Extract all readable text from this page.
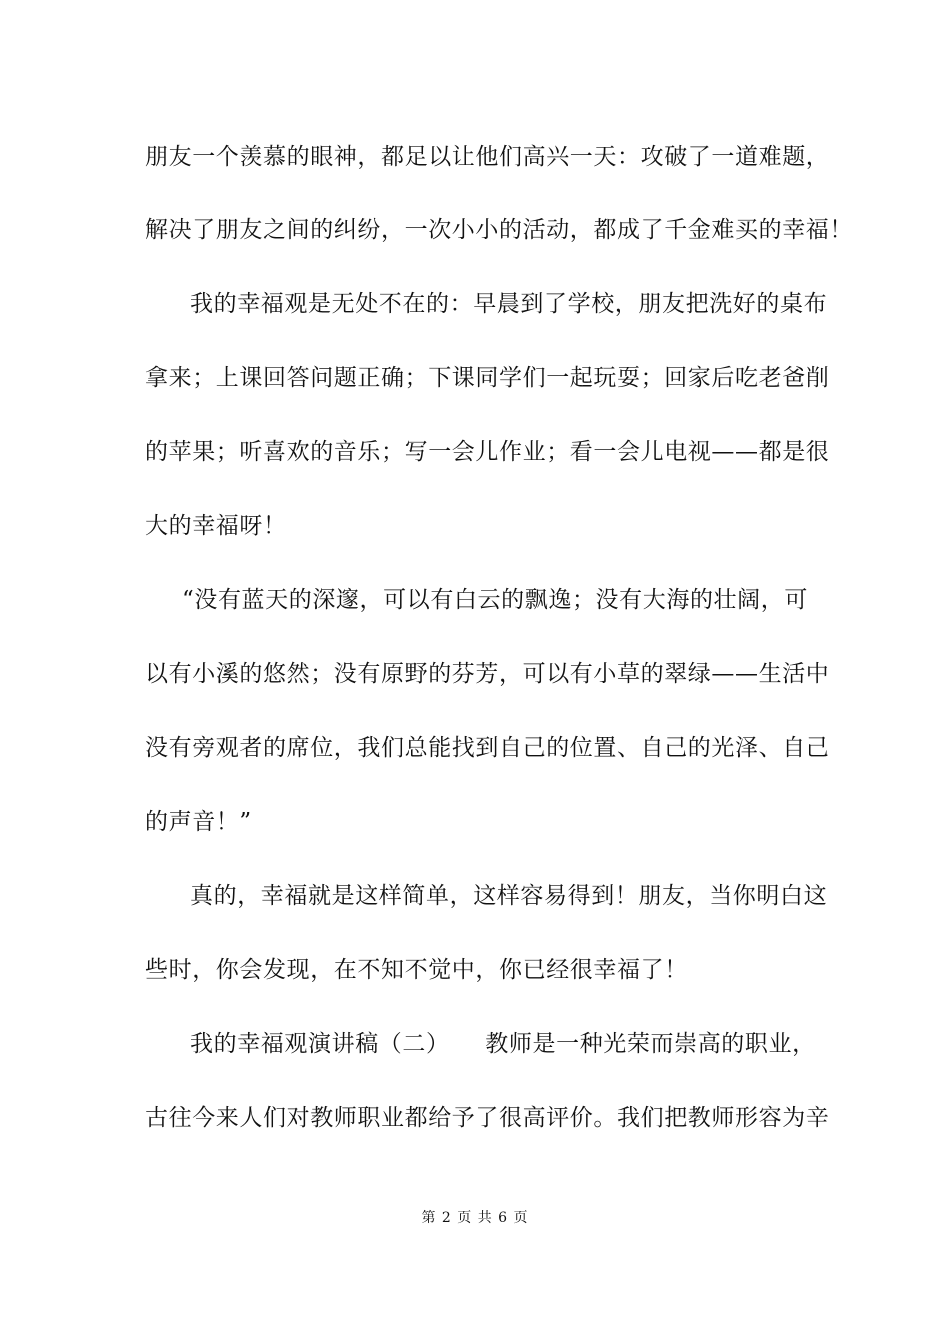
朋友一个羡慕的眼神，都足以让他们高兴一天：攻破了一道难题，
解决了朋友之间的纠纷，一次小小的活动，都成了千金难买的幸福！
我的幸福观是无处不在的：早晨到了学校，朋友把洗好的桌布
拿来；上课回答问题正确；下课同学们一起玩耍；回家后吃老爸削
的苹果；听喜欢的音乐；写一会儿作业；看一会儿电视——都是很
大的幸福呀！
“没有蓝天的深邃，可以有白云的飘逸；没有大海的壮阔，可
以有小溪的悠然；没有原野的芬芳，可以有小草的翠绿——生活中
没有旁观者的席位，我们总能找到自己的位置、自己的光泽、自己
的声音！”
真的，幸福就是这样简单，这样容易得到！朋友，当你明白这
些时，你会发现，在不知不觉中，你已经很幸福了！
我的幸福观演讲稿（二）　　教师是一种光荣而崇高的职业，
古往今来人们对教师职业都给予了很高评价。我们把教师形容为辛
第 2 页 共 6 页
